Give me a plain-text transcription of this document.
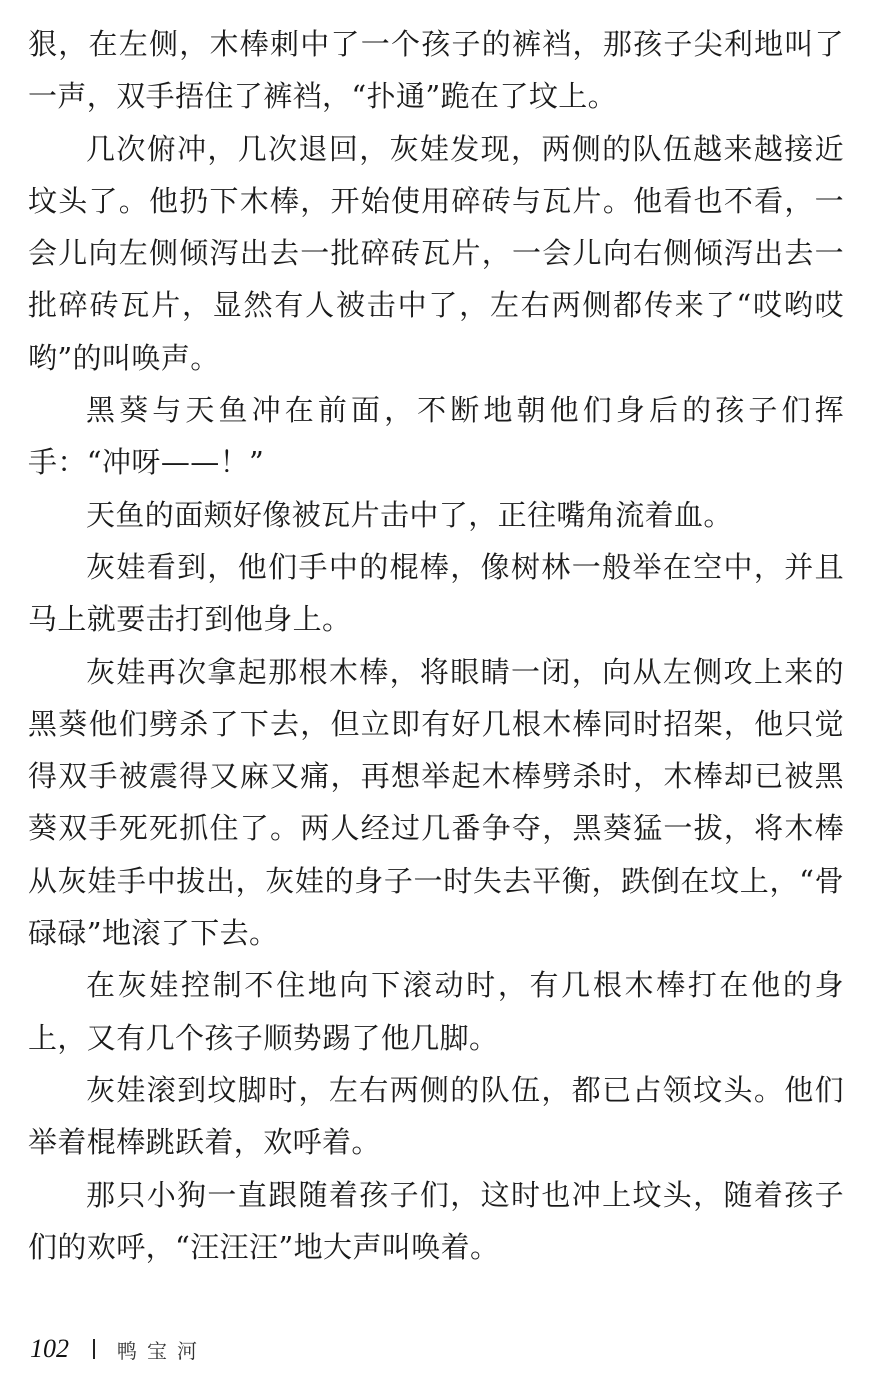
狠，在左侧，木棒刺中了一个孩子的裤裆，那孩子尖利地叫了一声，双手捂住了裤裆，“扑通”跪在了坟上。

几次俯冲，几次退回，灰娃发现，两侧的队伍越来越接近坟头了。他扔下木棒，开始使用碎砖与瓦片。他看也不看，一会儿向左侧倾泻出去一批碎砖瓦片，一会儿向右侧倾泻出去一批碎砖瓦片，显然有人被击中了，左右两侧都传来了“哎哟哎哟”的叫唤声。

黑葵与天鱼冲在前面，不断地朝他们身后的孩子们挥手：“冲呀——！”

天鱼的面颊好像被瓦片击中了，正往嘴角流着血。

灰娃看到，他们手中的棍棒，像树林一般举在空中，并且马上就要击打到他身上。

灰娃再次拿起那根木棒，将眼睛一闭，向从左侧攻上来的黑葵他们劈杀了下去，但立即有好几根木棒同时招架，他只觉得双手被震得又麻又痛，再想举起木棒劈杀时，木棒却已被黑葵双手死死抓住了。两人经过几番争夺，黑葵猛一拔，将木棒从灰娃手中拔出，灰娃的身子一时失去平衡，跌倒在坟上，“骨碌碌”地滚了下去。

在灰娃控制不住地向下滚动时，有几根木棒打在他的身上，又有几个孩子顺势踢了他几脚。

灰娃滚到坟脚时，左右两侧的队伍，都已占领坟头。他们举着棍棒跳跃着，欢呼着。

那只小狗一直跟随着孩子们，这时也冲上坟头，随着孩子们的欢呼，“汪汪汪”地大声叫唤着。

102 鸭宝河
